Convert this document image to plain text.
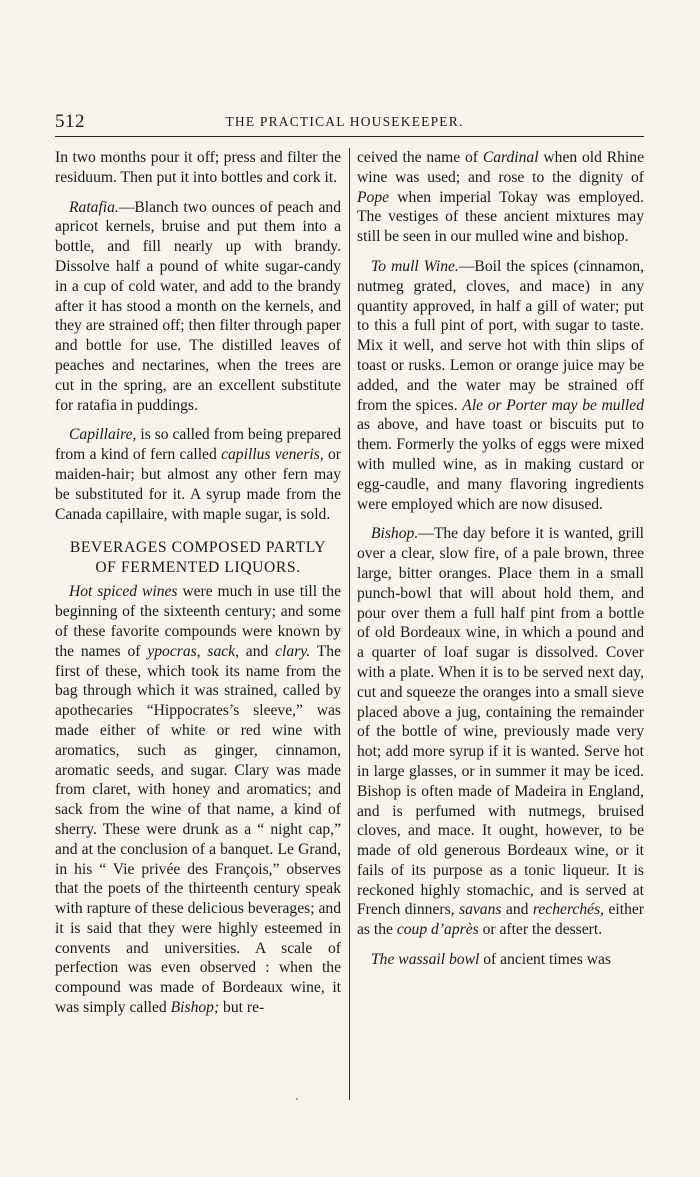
512	THE PRACTICAL HOUSEKEEPER.

In two months pour it off; press and filter the residuum. Then put it into bottles and cork it.

Ratafia.—Blanch two ounces of peach and apricot kernels, bruise and put them into a bottle, and fill nearly up with brandy. Dissolve half a pound of white sugar-candy in a cup of cold water, and add to the brandy after it has stood a month on the kernels, and they are strained off; then filter through paper and bottle for use. The distilled leaves of peaches and nectarines, when the trees are cut in the spring, are an excellent substitute for ratafia in puddings.

Capillaire, is so called from being prepared from a kind of fern called capillus veneris, or maiden-hair; but almost any other fern may be substituted for it. A syrup made from the Canada capillaire, with maple sugar, is sold.

BEVERAGES COMPOSED PARTLY
OF FERMENTED LIQUORS.

Hot spiced wines were much in use till the beginning of the sixteenth century; and some of these favorite compounds were known by the names of ypocras, sack, and clary. The first of these, which took its name from the bag through which it was strained, called by apothecaries “Hippocrates’s sleeve,” was made either of white or red wine with aromatics, such as ginger, cinnamon, aromatic seeds, and sugar. Clary was made from claret, with honey and aromatics; and sack from the wine of that name, a kind of sherry. These were drunk as a “ night cap,” and at the conclusion of a banquet. Le Grand, in his “ Vie privée des François,” observes that the poets of the thirteenth century speak with rapture of these delicious beverages; and it is said that they were highly esteemed in convents and universities. A scale of perfection was even observed : when the compound was made of Bordeaux wine, it was simply called Bishop; but re-

ceived the name of Cardinal when old Rhine wine was used; and rose to the dignity of Pope when imperial Tokay was employed. The vestiges of these ancient mixtures may still be seen in our mulled wine and bishop.

To mull Wine.—Boil the spices (cinnamon, nutmeg grated, cloves, and mace) in any quantity approved, in half a gill of water; put to this a full pint of port, with sugar to taste. Mix it well, and serve hot with thin slips of toast or rusks. Lemon or orange juice may be added, and the water may be strained off from the spices. Ale or Porter may be mulled as above, and have toast or biscuits put to them. Formerly the yolks of eggs were mixed with mulled wine, as in making custard or egg-caudle, and many flavoring ingredients were employed which are now disused.

Bishop.—The day before it is wanted, grill over a clear, slow fire, of a pale brown, three large, bitter oranges. Place them in a small punch-bowl that will about hold them, and pour over them a full half pint from a bottle of old Bordeaux wine, in which a pound and a quarter of loaf sugar is dissolved. Cover with a plate. When it is to be served next day, cut and squeeze the oranges into a small sieve placed above a jug, containing the remainder of the bottle of wine, previously made very hot; add more syrup if it is wanted. Serve hot in large glasses, or in summer it may be iced. Bishop is often made of Madeira in England, and is perfumed with nutmegs, bruised cloves, and mace. It ought, however, to be made of old generous Bordeaux wine, or it fails of its purpose as a tonic liqueur. It is reckoned highly stomachic, and is served at French dinners, savans and recherchés, either as the coup d’après or after the dessert.

The wassail bowl of ancient times was
